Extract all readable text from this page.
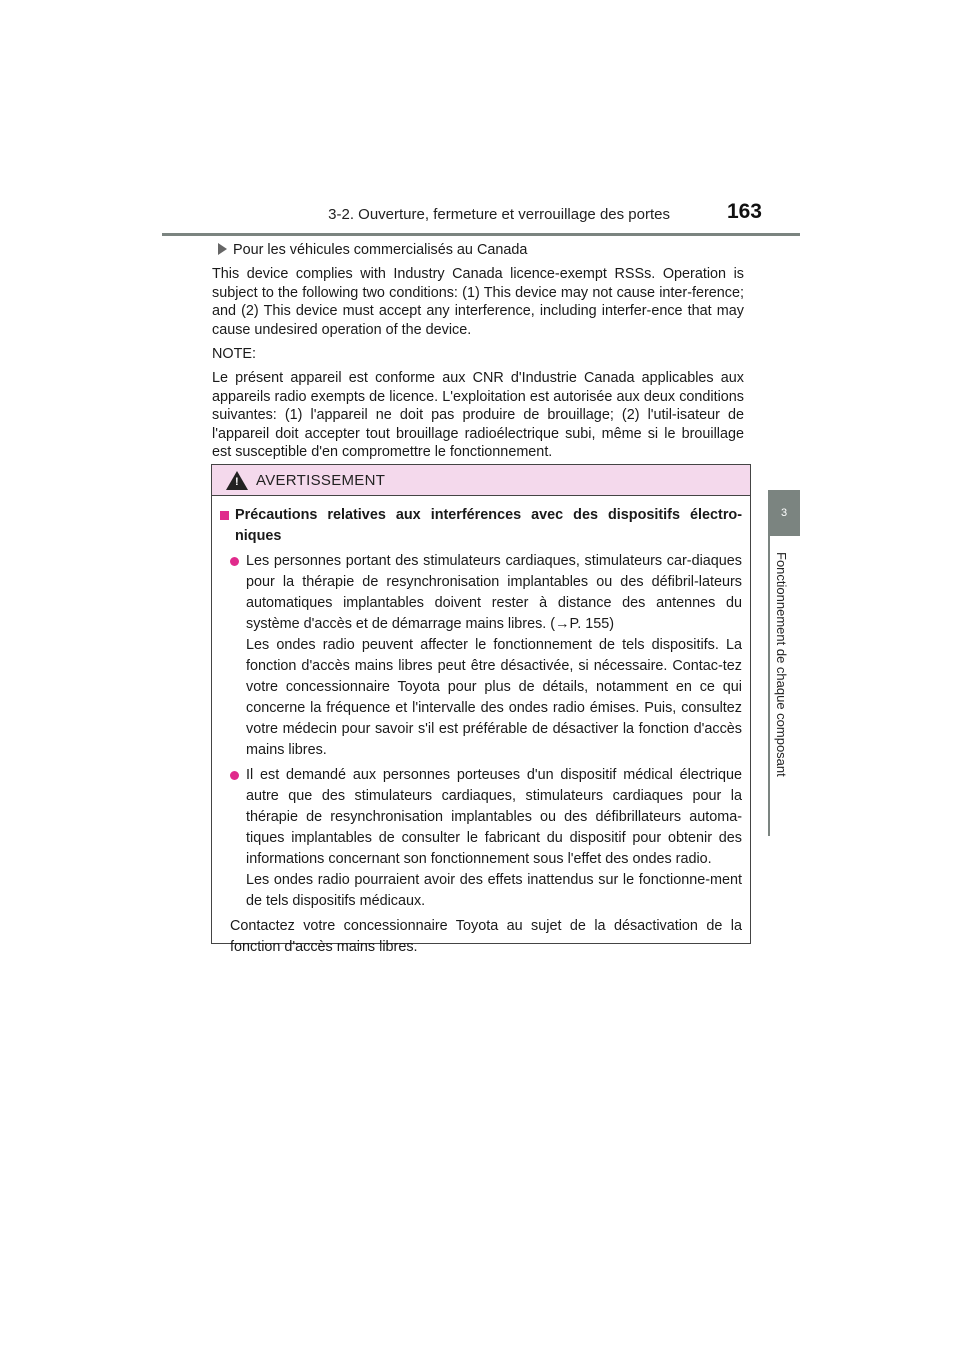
3-2. Ouverture, fermeture et verrouillage des portes	163
3
Fonctionnement de chaque composant
Pour les véhicules commercialisés au Canada

This device complies with Industry Canada licence-exempt RSSs. Operation is subject to the following two conditions: (1) This device may not cause inter-ference; and (2) This device must accept any interference, including interfer-ence that may cause undesired operation of the device.

NOTE:

Le présent appareil est conforme aux CNR d'Industrie Canada applicables aux appareils radio exempts de licence. L'exploitation est autorisée aux deux conditions suivantes: (1) l'appareil ne doit pas produire de brouillage; (2) l'util-isateur de l'appareil doit accepter tout brouillage radioélectrique subi, même si le brouillage est susceptible d'en compromettre le fonctionnement.

! AVERTISSEMENT
Précautions relatives aux interférences avec des dispositifs électro-niques
Les personnes portant des stimulateurs cardiaques, stimulateurs car-diaques pour la thérapie de resynchronisation implantables ou des défibril-lateurs automatiques implantables doivent rester à distance des antennes du système d'accès et de démarrage mains libres. (→P. 155)
Les ondes radio peuvent affecter le fonctionnement de tels dispositifs. La fonction d'accès mains libres peut être désactivée, si nécessaire. Contac-tez votre concessionnaire Toyota pour plus de détails, notamment en ce qui concerne la fréquence et l'intervalle des ondes radio émises. Puis, consultez votre médecin pour savoir s'il est préférable de désactiver la fonction d'accès mains libres.
Il est demandé aux personnes porteuses d'un dispositif médical électrique autre que des stimulateurs cardiaques, stimulateurs cardiaques pour la thérapie de resynchronisation implantables ou des défibrillateurs automa-tiques implantables de consulter le fabricant du dispositif pour obtenir des informations concernant son fonctionnement sous l'effet des ondes radio.
Les ondes radio pourraient avoir des effets inattendus sur le fonctionne-ment de tels dispositifs médicaux.
Contactez votre concessionnaire Toyota au sujet de la désactivation de la fonction d'accès mains libres.
